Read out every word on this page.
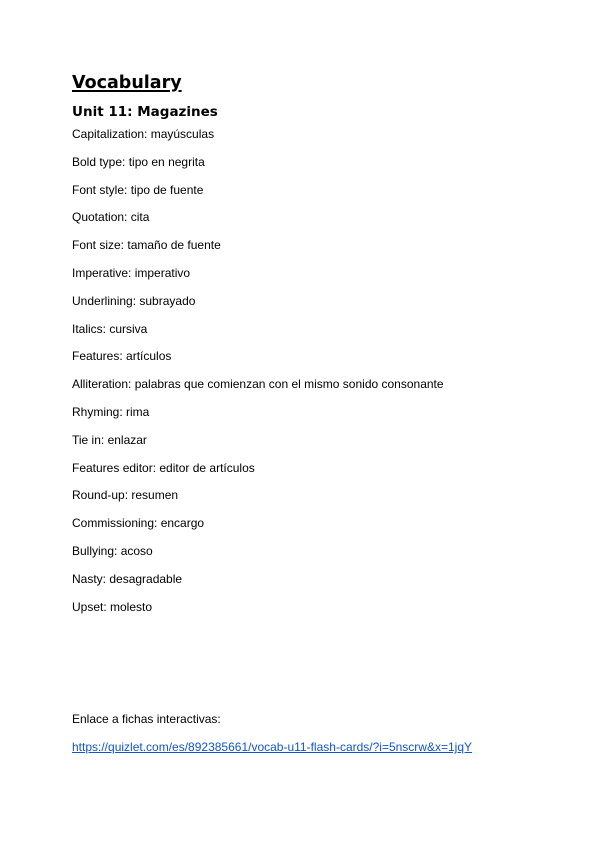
Vocabulary
Unit 11: Magazines
Capitalization: mayúsculas
Bold type: tipo en negrita
Font style: tipo de fuente
Quotation: cita
Font size: tamaño de fuente
Imperative: imperativo
Underlining: subrayado
Italics: cursiva
Features: artículos
Alliteration: palabras que comienzan con el mismo sonido consonante
Rhyming: rima
Tie in: enlazar
Features editor: editor de artículos
Round-up: resumen
Commissioning: encargo
Bullying: acoso
Nasty: desagradable
Upset: molesto
Enlace a fichas interactivas:
https://quizlet.com/es/892385661/vocab-u11-flash-cards/?i=5nscrw&x=1jqY
